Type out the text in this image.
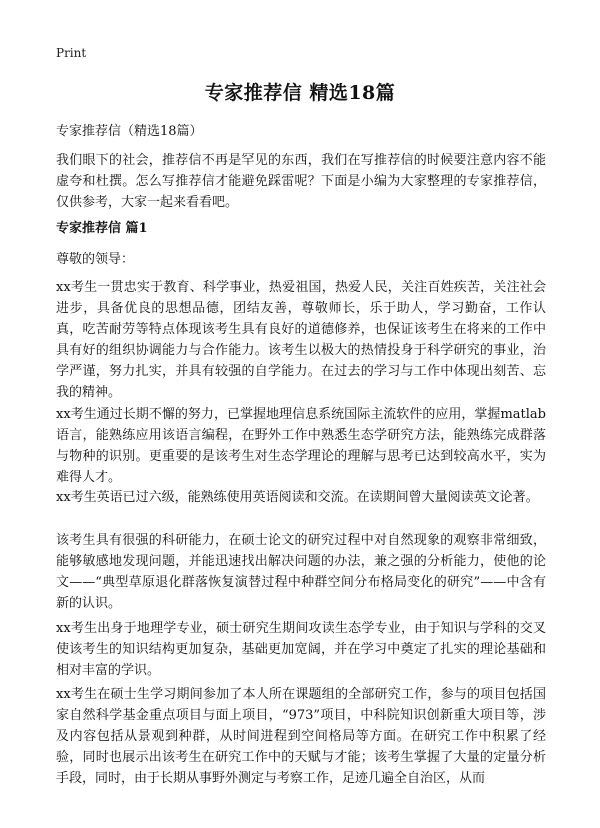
Print
专家推荐信 精选18篇
专家推荐信（精选18篇）

我们眼下的社会，推荐信不再是罕见的东西，我们在写推荐信的时候要注意内容不能虚夸和杜撰。怎么写推荐信才能避免踩雷呢？下面是小编为大家整理的专家推荐信，仅供参考，大家一起来看看吧。

专家推荐信 篇1
尊敬的领导：

xx考生一贯忠实于教育、科学事业，热爱祖国，热爱人民，关注百姓疾苦，关注社会进步，具备优良的思想品德，团结友善，尊敬师长，乐于助人，学习勤奋，工作认真，吃苦耐劳等特点体现该考生具有良好的道德修养，也保证该考生在将来的工作中具有好的组织协调能力与合作能力。该考生以极大的热情投身于科学研究的事业，治学严谨，努力扎实，并具有较强的自学能力。在过去的学习与工作中体现出刻苦、忘我的精神。

xx考生通过长期不懈的努力，已掌握地理信息系统国际主流软件的应用，掌握matlab语言，能熟练应用该语言编程，在野外工作中熟悉生态学研究方法，能熟练完成群落与物种的识别。更重要的是该考生对生态学理论的理解与思考已达到较高水平，实为难得人才。

xx考生英语已过六级，能熟练使用英语阅读和交流。在读期间曾大量阅读英文论著。

该考生具有很强的科研能力，在硕士论文的研究过程中对自然现象的观察非常细致，能够敏感地发现问题，并能迅速找出解决问题的办法，兼之强的分析能力，使他的论文——“典型草原退化群落恢复演替过程中种群空间分布格局变化的研究”——中含有新的认识。

xx考生出身于地理学专业，硕士研究生期间攻读生态学专业，由于知识与学科的交叉使该考生的知识结构更加复杂，基础更加宽阔，并在学习中奠定了扎实的理论基础和相对丰富的学识。

xx考生在硕士生学习期间参加了本人所在课题组的全部研究工作，参与的项目包括国家自然科学基金重点项目与面上项目，“973”项目，中科院知识创新重大项目等，涉及内容包括从景观到种群，从时间进程到空间格局等方面。在研究工作中积累了经验，同时也展示出该考生在研究工作中的天赋与才能；该考生掌握了大量的定量分析手段，同时，由于长期从事野外测定与考察工作，足迹几遍全自治区，从而
